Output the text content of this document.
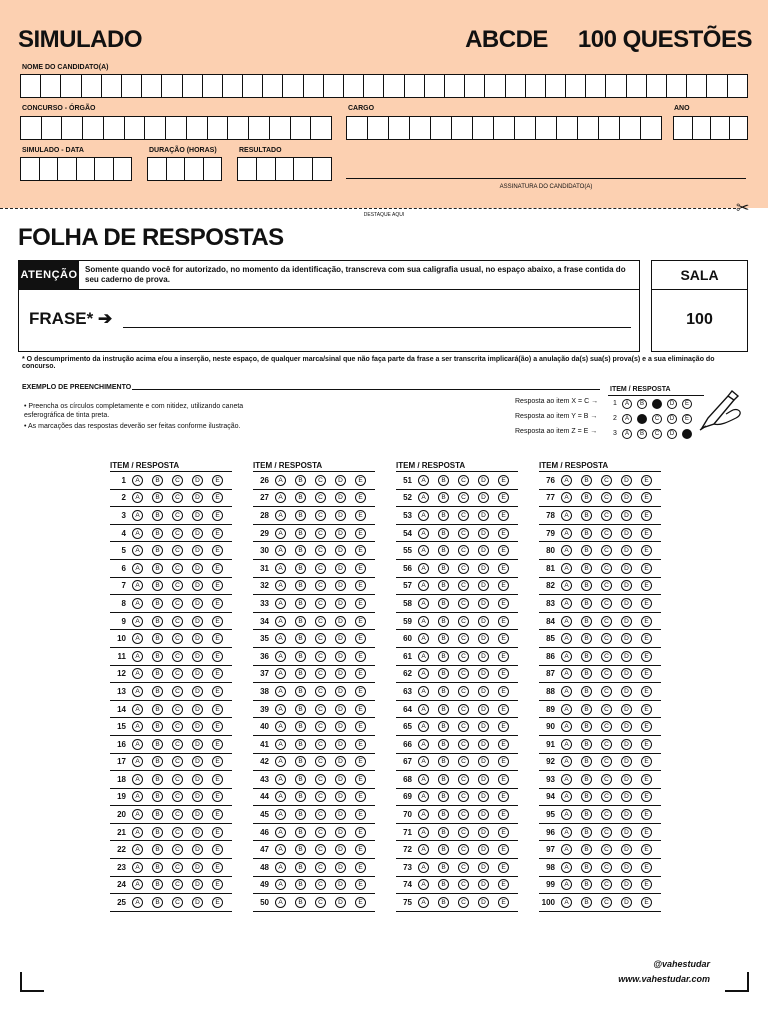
SIMULADO	ABCDE 100 QUESTÕES
NOME DO CANDIDATO(A)
CONCURSO - ÓRGÃO	CARGO	ANO
SIMULADO - DATA	DURAÇÃO (HORAS)	RESULTADO
ASSINATURA DO CANDIDATO(A)
✂
DESTAQUE AQUI
FOLHA DE RESPOSTAS
ATENÇÃO Somente quando você for autorizado, no momento da identificação, transcreva com sua caligrafia usual, no espaço abaixo, a frase contida do seu caderno de prova.
FRASE* ➔
SALA
100
* O descumprimento da instrução acima e/ou a inserção, neste espaço, de qualquer marca/sinal que não faça parte da frase a ser transcrita implicará(ão) a anulação da(s) sua(s) prova(s) e a sua eliminação do concurso.
EXEMPLO DE PREENCHIMENTO
• Preencha os círculos completamente e com nitidez, utilizando caneta esferográfica de tinta preta.
• As marcações das respostas deverão ser feitas conforme ilustração.
Resposta ao item X = C →
Resposta ao item Y = B →
Resposta ao item Z = E →
ITEM / RESPOSTA
1	A	B	C	D	E
2	A	B	C	D	E
3	A	B	C	D	E
ITEM / RESPOSTA
1	A	B	C	D	E
2	A	B	C	D	E
3	A	B	C	D	E
4	A	B	C	D	E
5	A	B	C	D	E
6	A	B	C	D	E
7	A	B	C	D	E
8	A	B	C	D	E
9	A	B	C	D	E
10	A	B	C	D	E
11	A	B	C	D	E
12	A	B	C	D	E
13	A	B	C	D	E
14	A	B	C	D	E
15	A	B	C	D	E
16	A	B	C	D	E
17	A	B	C	D	E
18	A	B	C	D	E
19	A	B	C	D	E
20	A	B	C	D	E
21	A	B	C	D	E
22	A	B	C	D	E
23	A	B	C	D	E
24	A	B	C	D	E
25	A	B	C	D	E
ITEM / RESPOSTA
26	A	B	C	D	E
27	A	B	C	D	E
28	A	B	C	D	E
29	A	B	C	D	E
30	A	B	C	D	E
31	A	B	C	D	E
32	A	B	C	D	E
33	A	B	C	D	E
34	A	B	C	D	E
35	A	B	C	D	E
36	A	B	C	D	E
37	A	B	C	D	E
38	A	B	C	D	E
39	A	B	C	D	E
40	A	B	C	D	E
41	A	B	C	D	E
42	A	B	C	D	E
43	A	B	C	D	E
44	A	B	C	D	E
45	A	B	C	D	E
46	A	B	C	D	E
47	A	B	C	D	E
48	A	B	C	D	E
49	A	B	C	D	E
50	A	B	C	D	E
ITEM / RESPOSTA
51	A	B	C	D	E
52	A	B	C	D	E
53	A	B	C	D	E
54	A	B	C	D	E
55	A	B	C	D	E
56	A	B	C	D	E
57	A	B	C	D	E
58	A	B	C	D	E
59	A	B	C	D	E
60	A	B	C	D	E
61	A	B	C	D	E
62	A	B	C	D	E
63	A	B	C	D	E
64	A	B	C	D	E
65	A	B	C	D	E
66	A	B	C	D	E
67	A	B	C	D	E
68	A	B	C	D	E
69	A	B	C	D	E
70	A	B	C	D	E
71	A	B	C	D	E
72	A	B	C	D	E
73	A	B	C	D	E
74	A	B	C	D	E
75	A	B	C	D	E
ITEM / RESPOSTA
76	A	B	C	D	E
77	A	B	C	D	E
78	A	B	C	D	E
79	A	B	C	D	E
80	A	B	C	D	E
81	A	B	C	D	E
82	A	B	C	D	E
83	A	B	C	D	E
84	A	B	C	D	E
85	A	B	C	D	E
86	A	B	C	D	E
87	A	B	C	D	E
88	A	B	C	D	E
89	A	B	C	D	E
90	A	B	C	D	E
91	A	B	C	D	E
92	A	B	C	D	E
93	A	B	C	D	E
94	A	B	C	D	E
95	A	B	C	D	E
96	A	B	C	D	E
97	A	B	C	D	E
98	A	B	C	D	E
99	A	B	C	D	E
100	A	B	C	D	E
@vahestudar
www.vahestudar.com
